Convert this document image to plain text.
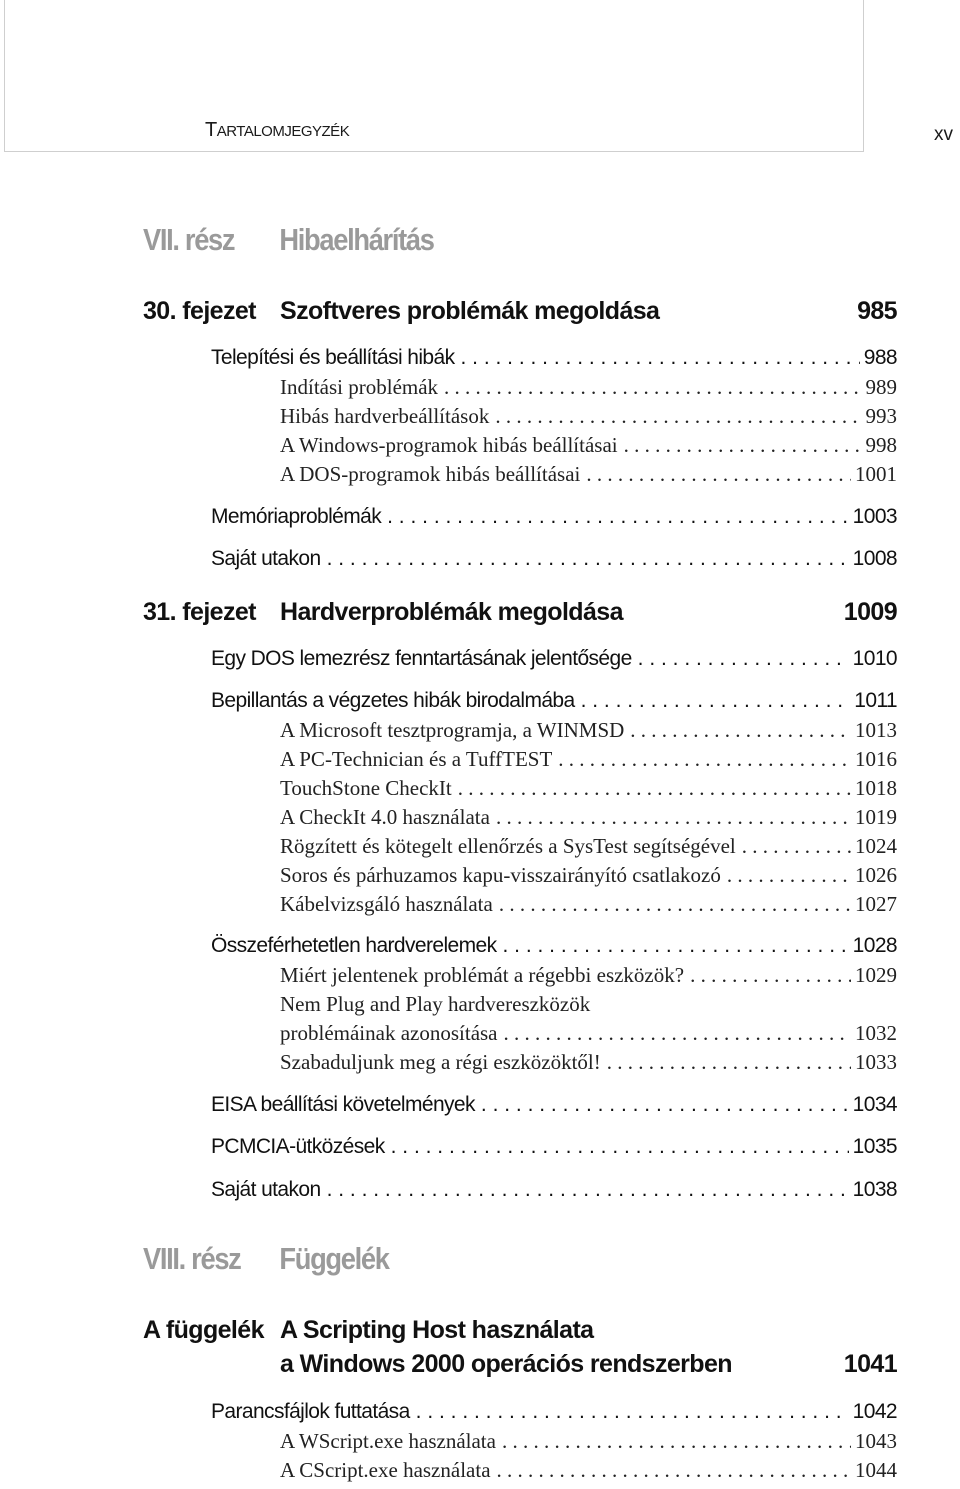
TARTALOMJEGYZÉK	xv
VII. rész Hibaelhárítás
30. fejezet Szoftveres problémák megoldása	985
Telepítési és beállítási hibák . . .	988
Indítási problémák . . .	989
Hibás hardverbeállítások . . .	993
A Windows-programok hibás beállításai . . .	998
A DOS-programok hibás beállításai . . .	1001
Memóriaproblémák . . .	1003
Saját utakon . . .	1008
31. fejezet Hardverproblémák megoldása	1009
Egy DOS lemezrész fenntartásának jelentősége . . .	1010
Bepillantás a végzetes hibák birodalmába . . .	1011
A Microsoft tesztprogramja, a WINMSD . . .	1013
A PC-Technician és a TuffTEST . . .	1016
TouchStone CheckIt . . .	1018
A CheckIt 4.0 használata . . .	1019
Rögzített és kötegelt ellenőrzés a SysTest segítségével . . .	1024
Soros és párhuzamos kapu-visszairányító csatlakozó . . .	1026
Kábelvizsgáló használata . . .	1027
Összeférhetetlen hardverelemek . . .	1028
Miért jelentenek problémát a régebbi eszközök? . . .	1029
Nem Plug and Play hardvereszközök
problémáinak azonosítása . . .	1032
Szabaduljunk meg a régi eszközöktől! . . .	1033
EISA beállítási követelmények . . .	1034
PCMCIA-ütközések . . .	1035
Saját utakon . . .	1038
VIII. rész Függelék
A függelék A Scripting Host használata
a Windows 2000 operációs rendszerben	1041
Parancsfájlok futtatása . . .	1042
A WScript.exe használata . . .	1043
A CScript.exe használata . . .	1044
